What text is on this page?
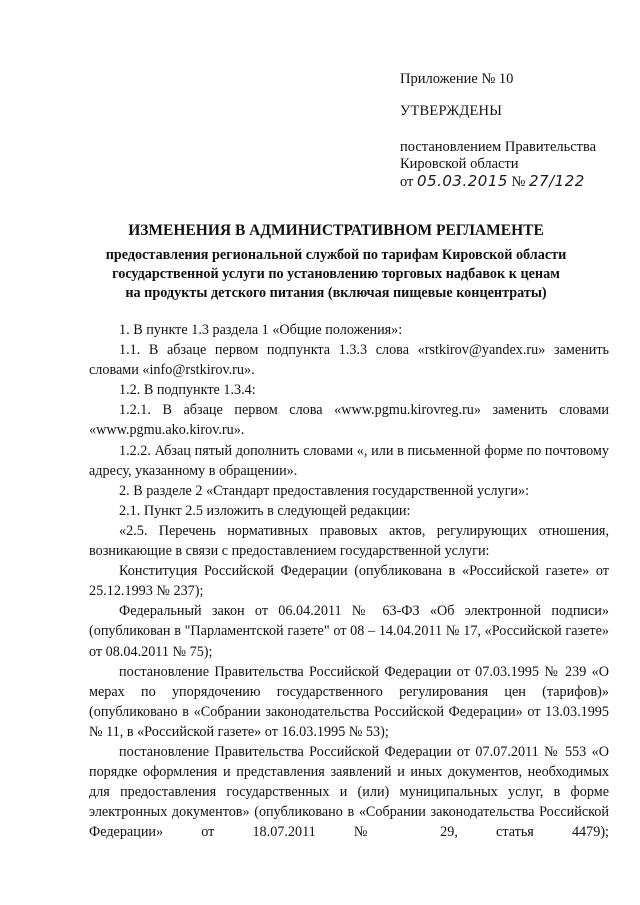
Приложение № 10
УТВЕРЖДЕНЫ
постановлением Правительства
Кировской области
от 05.03.2015 № 27/122
ИЗМЕНЕНИЯ В АДМИНИСТРАТИВНОМ РЕГЛАМЕНТЕ
предоставления региональной службой по тарифам Кировской области
государственной услуги по установлению торговых надбавок к ценам
на продукты детского питания (включая пищевые концентраты)

1. В пункте 1.3 раздела 1 «Общие положения»:

1.1. В абзаце первом подпункта 1.3.3 слова «rstkirov@yandex.ru» заменить словами «info@rstkirov.ru».

1.2. В подпункте 1.3.4:

1.2.1. В абзаце первом слова «www.pgmu.kirovreg.ru» заменить словами «www.pgmu.ako.kirov.ru».

1.2.2. Абзац пятый дополнить словами «, или в письменной форме по почтовому адресу, указанному в обращении».

2. В разделе 2 «Стандарт предоставления государственной услуги»:

2.1. Пункт 2.5 изложить в следующей редакции:

«2.5. Перечень нормативных правовых актов, регулирующих отношения, возникающие в связи с предоставлением государственной услуги:

Конституция Российской Федерации (опубликована в «Российской газете» от 25.12.1993 № 237);

Федеральный закон от 06.04.2011 № 63-ФЗ «Об электронной подписи» (опубликован в "Парламентской газете" от 08 – 14.04.2011 № 17, «Российской газете» от 08.04.2011 № 75);

постановление Правительства Российской Федерации от 07.03.1995 № 239 «О мерах по упорядочению государственного регулирования цен (тарифов)» (опубликовано в «Собрании законодательства Российской Федерации» от 13.03.1995 № 11, в «Российской газете» от 16.03.1995 № 53);

постановление Правительства Российской Федерации от 07.07.2011 № 553 «О порядке оформления и представления заявлений и иных документов, необходимых для предоставления государственных и (или) муниципальных услуг, в форме электронных документов» (опубликовано в «Собрании законодательства Российской Федерации» от 18.07.2011 № 29, статья 4479);
